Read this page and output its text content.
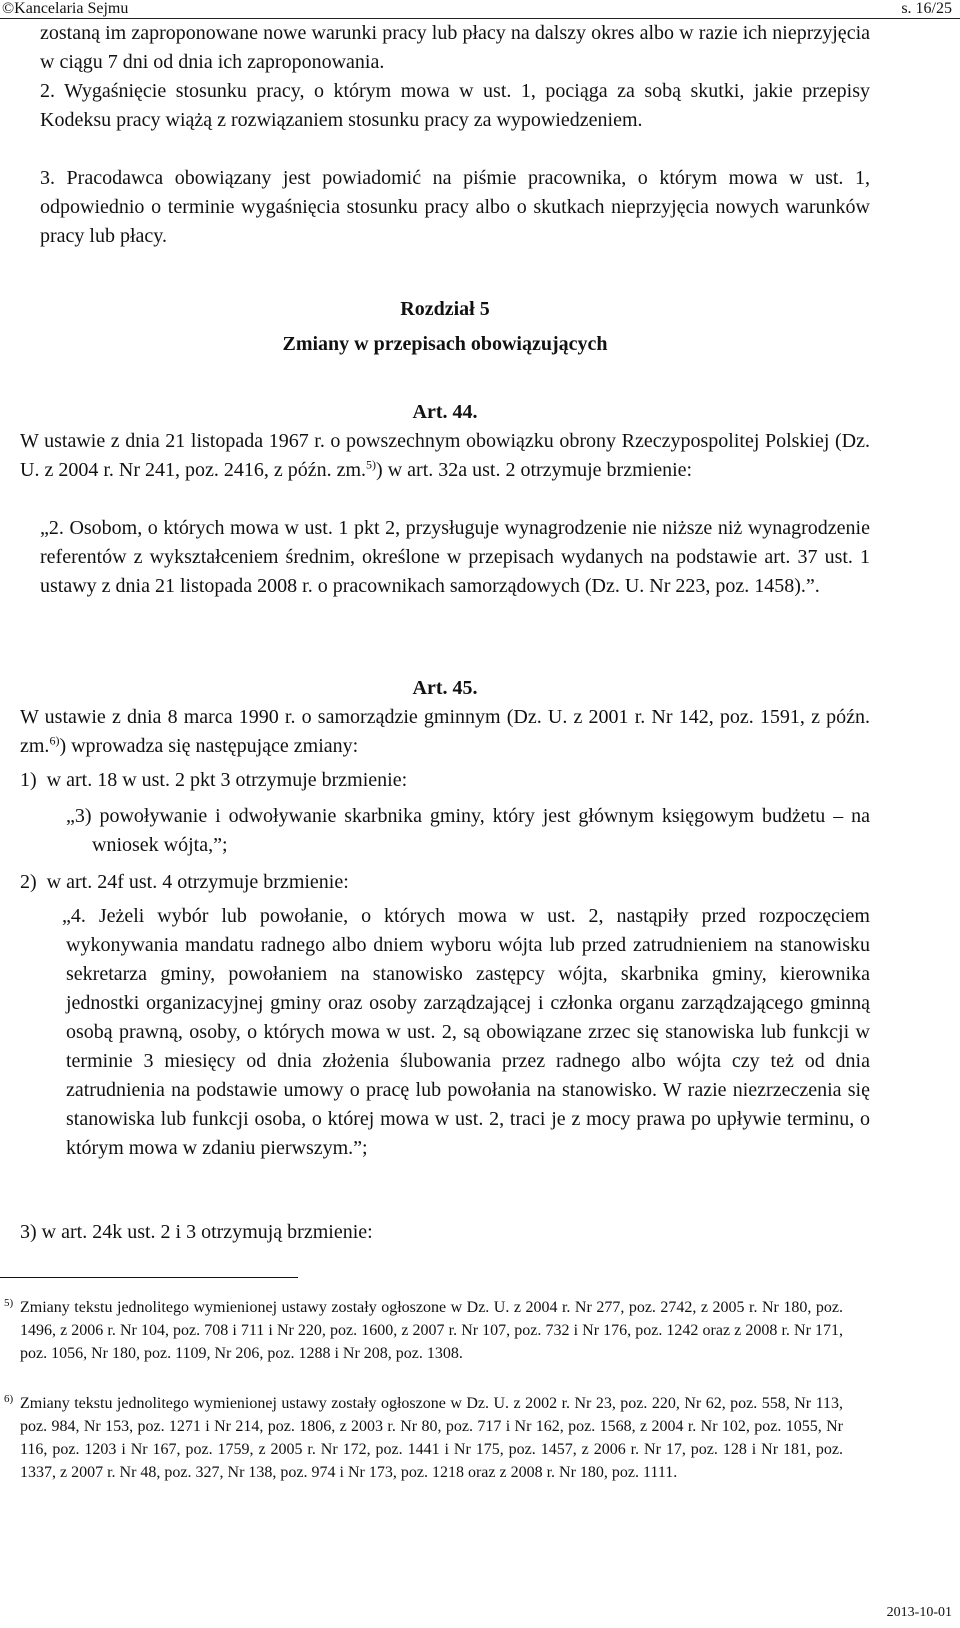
©Kancelaria Sejmu	s. 16/25

zostaną im zaproponowane nowe warunki pracy lub płacy na dalszy okres albo w razie ich nieprzyjęcia w ciągu 7 dni od dnia ich zaproponowania.

2. Wygaśnięcie stosunku pracy, o którym mowa w ust. 1, pociąga za sobą skutki, jakie przepisy Kodeksu pracy wiążą z rozwiązaniem stosunku pracy za wypowiedzeniem.

3. Pracodawca obowiązany jest powiadomić na piśmie pracownika, o którym mowa w ust. 1, odpowiednio o terminie wygaśnięcia stosunku pracy albo o skutkach nieprzyjęcia nowych warunków pracy lub płacy.

Rozdział 5
Zmiany w przepisach obowiązujących
Art. 44.

W ustawie z dnia 21 listopada 1967 r. o powszechnym obowiązku obrony Rzeczypospolitej Polskiej (Dz. U. z 2004 r. Nr 241, poz. 2416, z późn. zm.$^{5)}$) w art. 32a ust. 2 otrzymuje brzmienie:

„2. Osobom, o których mowa w ust. 1 pkt 2, przysługuje wynagrodzenie nie niższe niż wynagrodzenie referentów z wykształceniem średnim, określone w przepisach wydanych na podstawie art. 37 ust. 1 ustawy z dnia 21 listopada 2008 r. o pracownikach samorządowych (Dz. U. Nr 223, poz. 1458).”.

Art. 45.

W ustawie z dnia 8 marca 1990 r. o samorządzie gminnym (Dz. U. z 2001 r. Nr 142, poz. 1591, z późn. zm.$^{6)}$) wprowadza się następujące zmiany:

1)  w art. 18 w ust. 2 pkt 3 otrzymuje brzmienie:

„3) powoływanie i odwoływanie skarbnika gminy, który jest głównym księgowym budżetu – na wniosek wójta,”;

2)  w art. 24f ust. 4 otrzymuje brzmienie:

„4. Jeżeli wybór lub powołanie, o których mowa w ust. 2, nastąpiły przed rozpoczęciem wykonywania mandatu radnego albo dniem wyboru wójta lub przed zatrudnieniem na stanowisku sekretarza gminy, powołaniem na stanowisko zastępcy wójta, skarbnika gminy, kierownika jednostki organizacyjnej gminy oraz osoby zarządzającej i członka organu zarządzającego gminną osobą prawną, osoby, o których mowa w ust. 2, są obowiązane zrzec się stanowiska lub funkcji w terminie 3 miesięcy od dnia złożenia ślubowania przez radnego albo wójta czy też od dnia zatrudnienia na podstawie umowy o pracę lub powołania na stanowisko. W razie niezrzeczenia się stanowiska lub funkcji osoba, o której mowa w ust. 2, traci je z mocy prawa po upływie terminu, o którym mowa w zdaniu pierwszym.”;

3) w art. 24k ust. 2 i 3 otrzymują brzmienie:

5) Zmiany tekstu jednolitego wymienionej ustawy zostały ogłoszone w Dz. U. z 2004 r. Nr 277, poz. 2742, z 2005 r. Nr 180, poz. 1496, z 2006 r. Nr 104, poz. 708 i 711 i Nr 220, poz. 1600, z 2007 r. Nr 107, poz. 732 i Nr 176, poz. 1242 oraz z 2008 r. Nr 171, poz. 1056, Nr 180, poz. 1109, Nr 206, poz. 1288 i Nr 208, poz. 1308.
6) Zmiany tekstu jednolitego wymienionej ustawy zostały ogłoszone w Dz. U. z 2002 r. Nr 23, poz. 220, Nr 62, poz. 558, Nr 113, poz. 984, Nr 153, poz. 1271 i Nr 214, poz. 1806, z 2003 r. Nr 80, poz. 717 i Nr 162, poz. 1568, z 2004 r. Nr 102, poz. 1055, Nr 116, poz. 1203 i Nr 167, poz. 1759, z 2005 r. Nr 172, poz. 1441 i Nr 175, poz. 1457, z 2006 r. Nr 17, poz. 128 i Nr 181, poz. 1337, z 2007 r. Nr 48, poz. 327, Nr 138, poz. 974 i Nr 173, poz. 1218 oraz z 2008 r. Nr 180, poz. 1111.
2013-10-01
